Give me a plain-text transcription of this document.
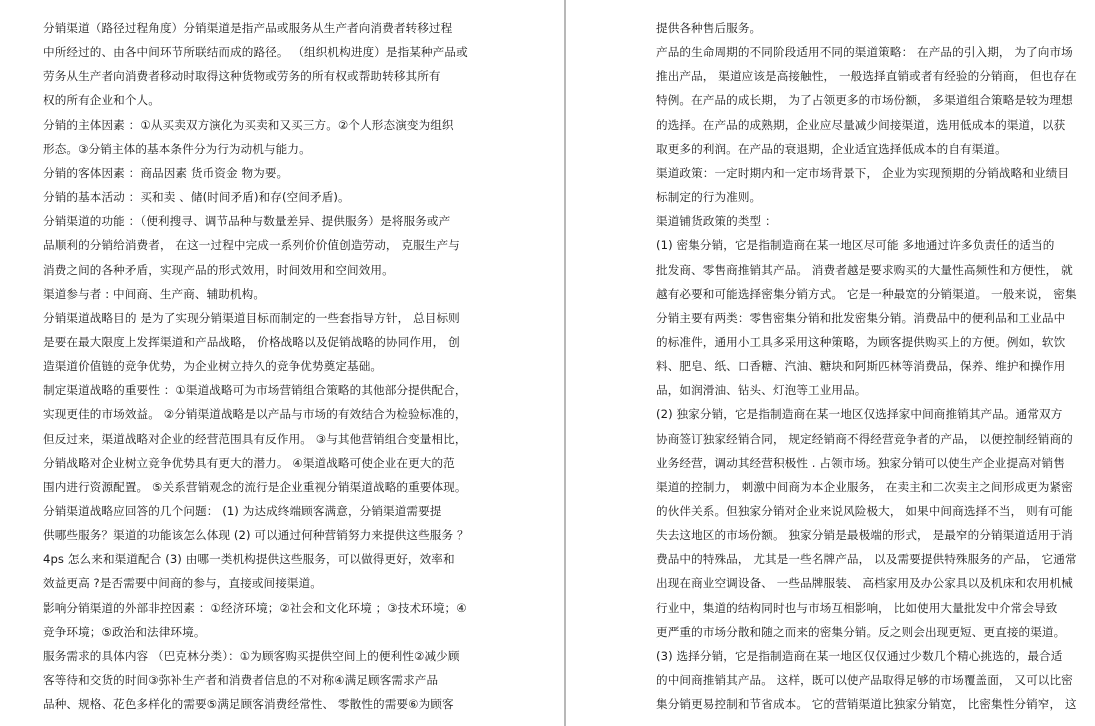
分销渠道（路径过程角度）分销渠道是指产品或服务从生产者向消费者转移过程
中所经过的、由各中间环节所联结而成的路径。 （组织机构进度）是指某种产品或
劳务从生产者向消费者移动时取得这种货物或劳务的所有权或帮助转移其所有
权的所有企业和个人。
分销的主体因素 ：①从买卖双方演化为买卖和又买三方。②个人形态演变为组织
形态。③分销主体的基本条件分为行为动机与能力。
分销的客体因素 ：商品因素 货币资金 物为要。
分销的基本活动 ：买和卖 、储(时间矛盾)和存(空间矛盾)。
分销渠道的功能 ：（便利搜寻、调节品种与数量差异、提供服务）是将服务或产
品顺利的分销给消费者， 在这一过程中完成一系列价价值创造劳动， 克服生产与
消费之间的各种矛盾，实现产品的形式效用，时间效用和空间效用。
渠道参与者 : 中间商、生产商、辅助机构。
分销渠道战略目的 是为了实现分销渠道目标而制定的一些套指导方针， 总目标则
是要在最大限度上发挥渠道和产品战略， 价格战略以及促销战略的协同作用， 创
造渠道价值链的竞争优势，为企业树立持久的竞争优势奠定基础。
制定渠道战略的重要性 ：①渠道战略可为市场营销组合策略的其他部分提供配合，
实现更佳的市场效益。 ②分销渠道战略是以产品与市场的有效结合为检验标准的，
但反过来，渠道战略对企业的经营范围具有反作用。 ③与其他营销组合变量相比，
分销战略对企业树立竞争优势具有更大的潜力。 ④渠道战略可使企业在更大的范
围内进行资源配置。 ⑤关系营销观念的流行是企业重视分销渠道战略的重要体现。
分销渠道战略应回答的几个问题： (1) 为达成终端顾客满意，分销渠道需要提
供哪些服务？渠道的功能该怎么体现 (2) 可以通过何种营销努力来提供这些服务 ？
4ps 怎么来和渠道配合 (3) 由哪一类机构提供这些服务，可以做得更好，效率和
效益更高 ?是否需要中间商的参与，直接或间接渠道。
影响分销渠道的外部非控因素 ：①经济环境；②社会和文化环境 ；③技术环境；④
竞争环境；⑤政治和法律环境。
服务需求的具体内容 （巴克林分类）：①为顾客购买提供空间上的便利性②减少顾
客等待和交货的时间③弥补生产者和消费者信息的不对称④满足顾客需求产品
品种、规格、花色多样化的需要⑤满足顾客消费经常性、 零散性的需要⑥为顾客
提供各种售后服务。
产品的生命周期的不同阶段适用不同的渠道策略： 在产品的引入期， 为了向市场
推出产品， 渠道应该是高接触性， 一般选择直销或者有经验的分销商， 但也存在
特例。在产品的成长期， 为了占领更多的市场份额， 多渠道组合策略是较为理想
的选择。在产品的成熟期，企业应尽量减少间接渠道，选用低成本的渠道，以获
取更多的利润。在产品的衰退期，企业适宜选择低成本的自有渠道。
渠道政策：一定时期内和一定市场背景下， 企业为实现预期的分销战略和业绩目
标制定的行为准则。
渠道铺货政策的类型 ：
(1) 密集分销，它是指制造商在某一地区尽可能 多地通过许多负责任的适当的
批发商、零售商推销其产品。 消费者越是要求购买的大量性高频性和方便性， 就
越有必要和可能选择密集分销方式。 它是一种最宽的分销渠道。 一般来说， 密集
分销主要有两类：零售密集分销和批发密集分销。消费品中的便利品和工业品中
的标准件，通用小工具多采用这种策略，为顾客提供购买上的方便。例如，软饮
料、肥皂、纸、口香糖、汽油、糖块和阿斯匹林等消费品，保养、维护和操作用
品，如润滑油、钻头、灯泡等工业用品。
(2) 独家分销，它是指制造商在某一地区仅选择家中间商推销其产品。通常双方
协商签订独家经销合同， 规定经销商不得经营竞争者的产品， 以便控制经销商的
业务经营，调动其经营积极性 . 占领市场。独家分销可以使生产企业提高对销售
渠道的控制力， 刺激中间商为本企业服务， 在卖主和二次卖主之间形成更为紧密
的伙伴关系。但独家分销对企业来说风险极大， 如果中间商选择不当， 则有可能
失去这地区的市场份额。 独家分销是最极端的形式， 是最窄的分销渠道适用于消
费品中的特殊品， 尤其是一些名牌产品， 以及需要提供特殊服务的产品， 它通常
出现在商业空调设备、 一些品牌服装、 高档家用及办公家具以及机床和农用机械
行业中，集道的结构同时也与市场互相影响， 比如使用大量批发中介常会导致
更严重的市场分散和随之而来的密集分销。反之则会出现更短、更直接的渠道。
(3) 选择分销，它是指制造商在某一地区仅仅通过少数几个精心挑选的，最合适
的中间商推销其产品。 这样，既可以使产品取得足够的市场覆盖面， 又可以比密
集分销更易控制和节省成本。 它的营销渠道比独家分销宽， 比密集性分销窄， 这
